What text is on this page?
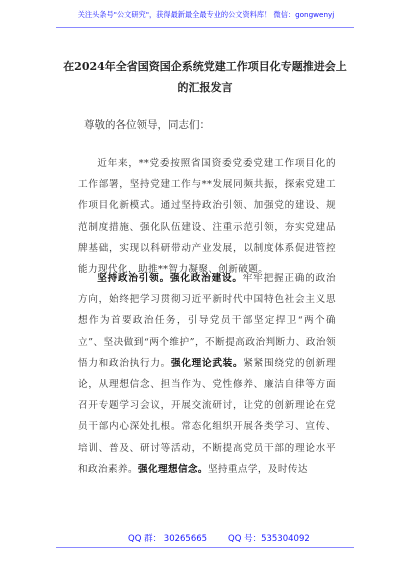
关注头条号"公文研究"，获得最新最全最专业的公文资料库！ 微信：gongwenyj
在2024年全省国资国企系统党建工作项目化专题推进会上
的汇报发言
尊敬的各位领导，同志们：
近年来，**党委按照省国资委党委党建工作项目化的工作部署，坚持党建工作与**发展同频共振，探索党建工作项目化新模式。通过坚持政治引领、加强党的建设、规范制度措施、强化队伍建设、注重示范引领，夯实党建品牌基础，实现以科研带动产业发展，以制度体系促进管控能力现代化，助推**智力凝聚、创新破题。
坚持政治引领。强化政治建设。牢牢把握正确的政治方向，始终把学习贯彻习近平新时代中国特色社会主义思想作为首要政治任务，引导党员干部坚定捍卫“两个确立”、坚决做到“两个维护”，不断提高政治判断力、政治领悟力和政治执行力。强化理论武装。紧紧围绕党的创新理论，从理想信念、担当作为、党性修养、廉洁自律等方面召开专题学习会议，开展交流研讨，让党的创新理论在党员干部内心深处扎根。常态化组织开展各类学习、宣传、培训、普及、研讨等活动，不断提高党员干部的理论水平和政治素养。强化理想信念。坚持重点学，及时传达
QQ 群： 30265665 QQ 号：535304092
